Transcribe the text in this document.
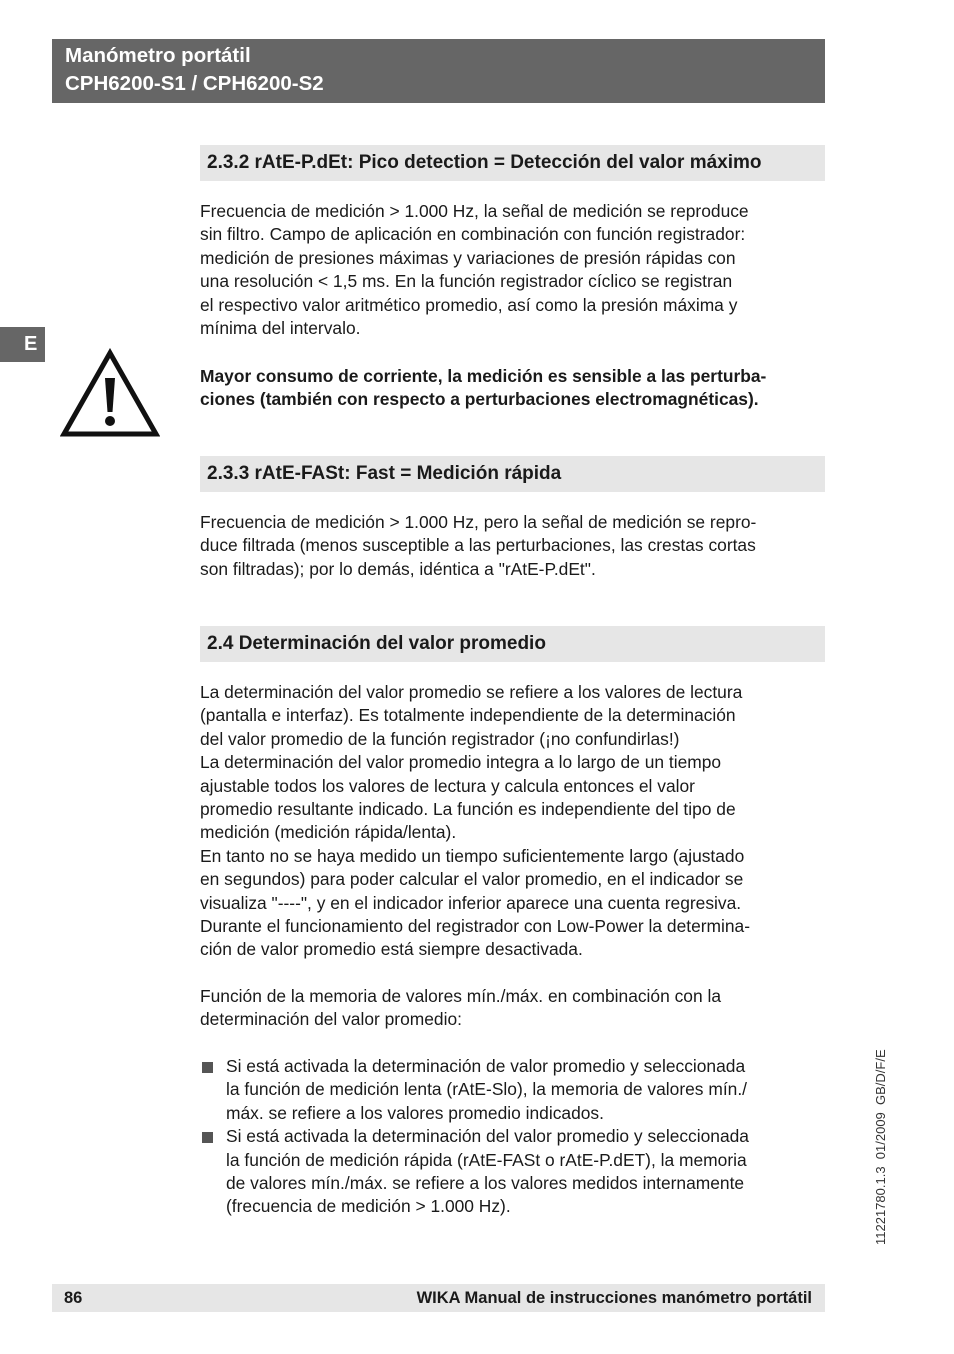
Manómetro portátil
CPH6200-S1 / CPH6200-S2
E
2.3.2 rAtE-P.dEt: Pico detection = Detección del valor máximo

Frecuencia de medición > 1.000 Hz, la señal de medición se reproduce
sin filtro. Campo de aplicación en combinación con función registrador:
medición de presiones máximas y variaciones de presión rápidas con
una resolución < 1,5 ms. En la función registrador cíclico se registran
el respectivo valor aritmético promedio, así como la presión máxima y
mínima del intervalo.

Mayor consumo de corriente, la medición es sensible a las perturba-
ciones (también con respecto a perturbaciones electromagnéticas).

2.3.3 rAtE-FASt: Fast = Medición rápida

Frecuencia de medición > 1.000 Hz, pero la señal de medición se repro-
duce filtrada (menos susceptible a las perturbaciones, las crestas cortas
son filtradas); por lo demás, idéntica a "rAtE-P.dEt".

2.4 Determinación del valor promedio

La determinación del valor promedio se refiere a los valores de lectura
(pantalla e interfaz). Es totalmente independiente de la determinación
del valor promedio de la función registrador (¡no confundirlas!)
La determinación del valor promedio integra a lo largo de un tiempo
ajustable todos los valores de lectura y calcula entonces el valor
promedio resultante indicado. La función es independiente del tipo de
medición (medición rápida/lenta).
En tanto no se haya medido un tiempo suficientemente largo (ajustado
en segundos) para poder calcular el valor promedio, en el indicador se
visualiza "----", y en el indicador inferior aparece una cuenta regresiva.
Durante el funcionamiento del registrador con Low-Power la determina-
ción de valor promedio está siempre desactivada.

Función de la memoria de valores mín./máx. en combinación con la
determinación del valor promedio:

Si está activada la determinación de valor promedio y seleccionada
la función de medición lenta (rAtE-Slo), la memoria de valores mín./
máx. se refiere a los valores promedio indicados.
Si está activada la determinación del valor promedio y seleccionada
la función de medición rápida (rAtE-FASt o rAtE-P.dET), la memoria
de valores mín./máx. se refiere a los valores medidos internamente
(frecuencia de medición > 1.000 Hz).	11221780.1.3  01/2009  GB/D/F/E
86	WIKA Manual de instrucciones manómetro portátil
